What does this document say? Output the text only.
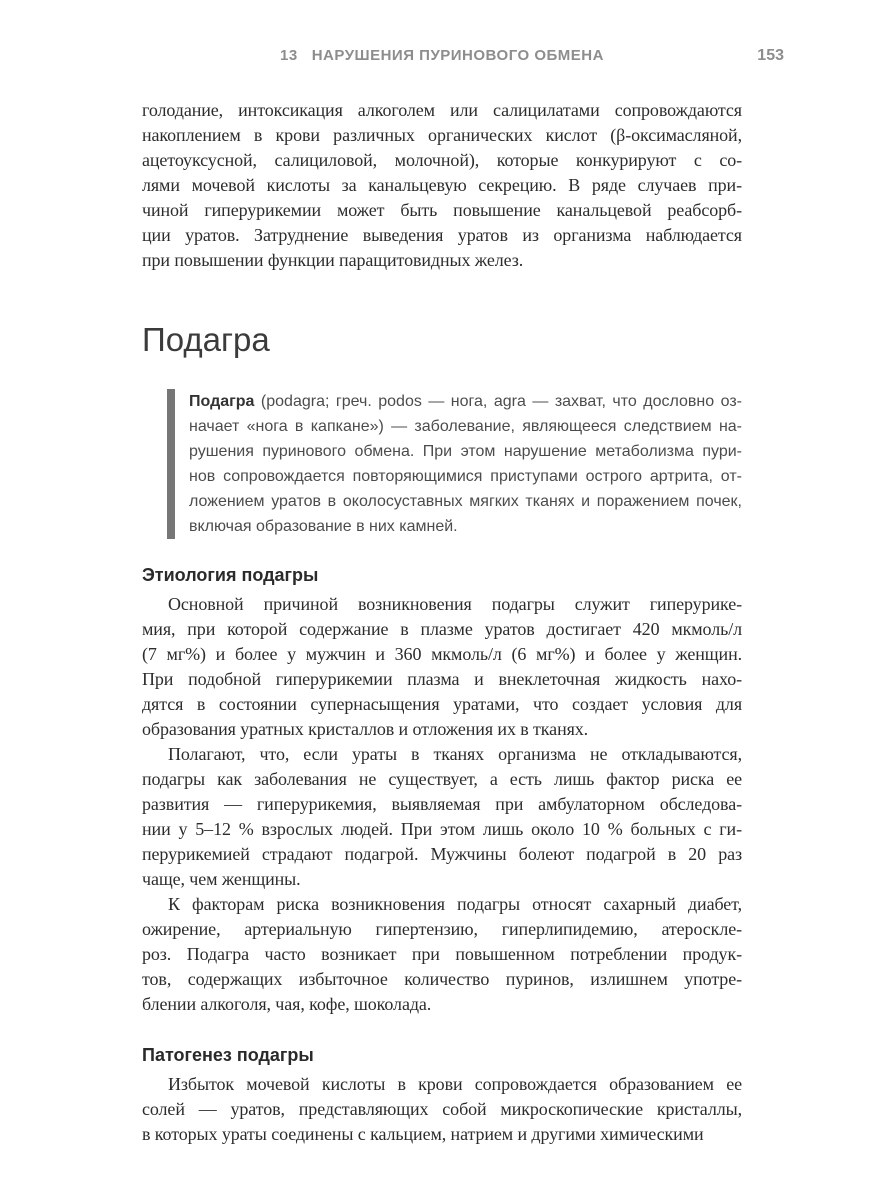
13 НАРУШЕНИЯ ПУРИНОВОГО ОБМЕНА	153
голодание, интоксикация алкоголем или салицилатами сопровождаются
накоплением в крови различных органических кислот (β-оксимасляной,
ацетоуксусной, салициловой, молочной), которые конкурируют с со-
лями мочевой кислоты за канальцевую секрецию. В ряде случаев при-
чиной гиперурикемии может быть повышение канальцевой реабсорб-
ции уратов. Затруднение выведения уратов из организма наблюдается
при повышении функции паращитовидных желез.
Подагра
Подагра (podagra; греч. podos — нога, agra — захват, что дословно оз-
начает «нога в капкане») — заболевание, являющееся следствием на-
рушения пуринового обмена. При этом нарушение метаболизма пури-
нов сопровождается повторяющимися приступами острого артрита, от-
ложением уратов в околосуставных мягких тканях и поражением почек,
включая образование в них камней.
Этиология подагры
Основной причиной возникновения подагры служит гиперурике-
мия, при которой содержание в плазме уратов достигает 420 мкмоль/л
(7 мг%) и более у мужчин и 360 мкмоль/л (6 мг%) и более у женщин.
При подобной гиперурикемии плазма и внеклеточная жидкость нахо-
дятся в состоянии супернасыщения уратами, что создает условия для
образования уратных кристаллов и отложения их в тканях.
Полагают, что, если ураты в тканях организма не откладываются,
подагры как заболевания не существует, а есть лишь фактор риска ее
развития — гиперурикемия, выявляемая при амбулаторном обследова-
нии у 5–12 % взрослых людей. При этом лишь около 10 % больных с ги-
перурикемией страдают подагрой. Мужчины болеют подагрой в 20 раз
чаще, чем женщины.
К факторам риска возникновения подагры относят сахарный диабет,
ожирение, артериальную гипертензию, гиперлипидемию, атероскле-
роз. Подагра часто возникает при повышенном потреблении продук-
тов, содержащих избыточное количество пуринов, излишнем употре-
блении алкоголя, чая, кофе, шоколада.
Патогенез подагры
Избыток мочевой кислоты в крови сопровождается образованием ее
солей — уратов, представляющих собой микроскопические кристаллы,
в которых ураты соединены с кальцием, натрием и другими химическими
